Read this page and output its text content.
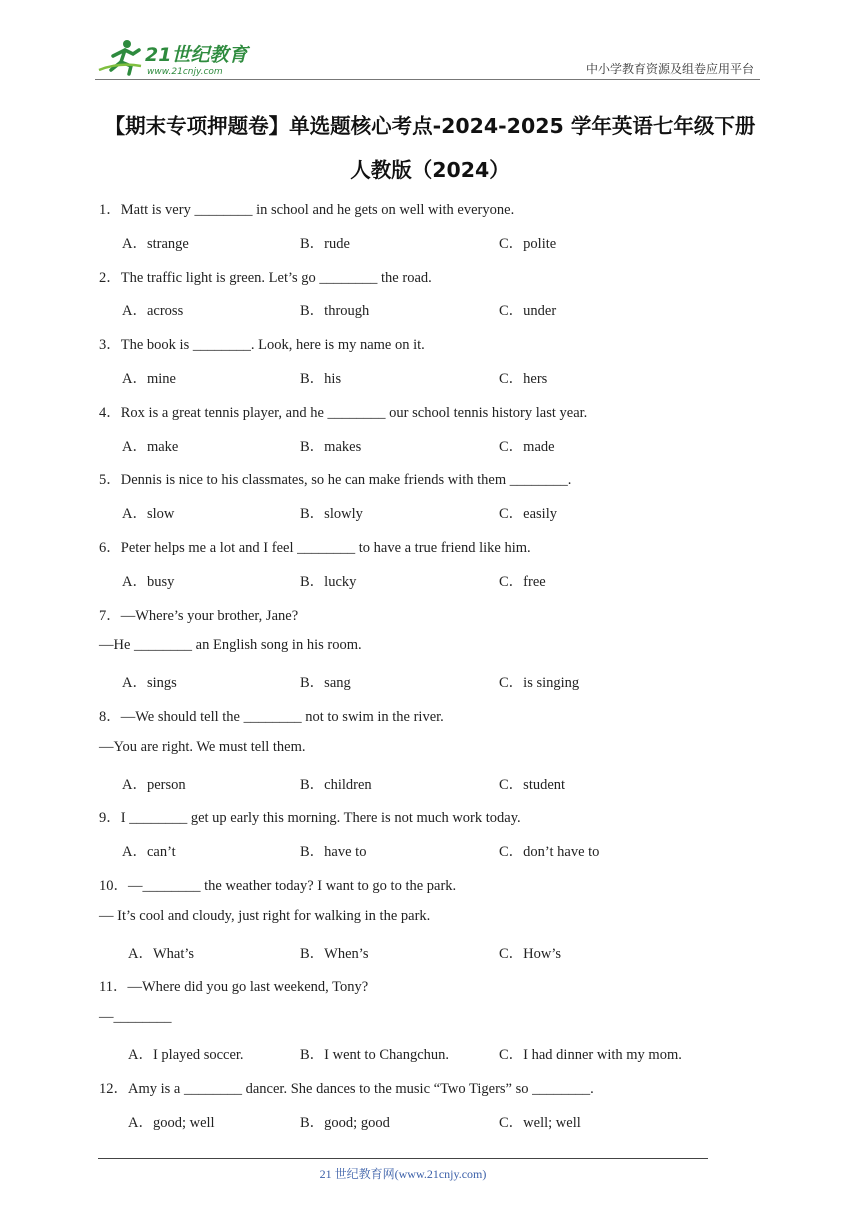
21世纪教育
www.21cnjy.com	中小学教育资源及组卷应用平台
【期末专项押题卷】单选题核心考点-2024-2025 学年英语七年级下册
人教版（2024）
1．Matt is very ________ in school and he gets on well with everyone.
A．strange	B．rude	C．polite
2．The traffic light is green. Let’s go ________ the road.
A．across	B．through	C．under
3．The book is ________. Look, here is my name on it.
A．mine	B．his	C．hers
4．Rox is a great tennis player, and he ________ our school tennis history last year.
A．make	B．makes	C．made
5．Dennis is nice to his classmates, so he can make friends with them ________.
A．slow	B．slowly	C．easily
6．Peter helps me a lot and I feel ________ to have a true friend like him.
A．busy	B．lucky	C．free
7．—Where’s your brother, Jane?
—He ________ an English song in his room.
A．sings	B．sang	C．is singing
8．—We should tell the ________ not to swim in the river.
—You are right. We must tell them.
A．person	B．children	C．student
9．I ________ get up early this morning. There is not much work today.
A．can’t	B．have to	C．don’t have to
10．—________ the weather today? I want to go to the park.
— It’s cool and cloudy, just right for walking in the park.
A．What’s	B．When’s	C．How’s
11．—Where did you go last weekend, Tony?
—________
A．I played soccer.	B．I went to Changchun.	C．I had dinner with my mom.
12．Amy is a ________ dancer. She dances to the music “Two Tigers” so ________.
A．good; well	B．good; good	C．well; well
21 世纪教育网(www.21cnjy.com)
